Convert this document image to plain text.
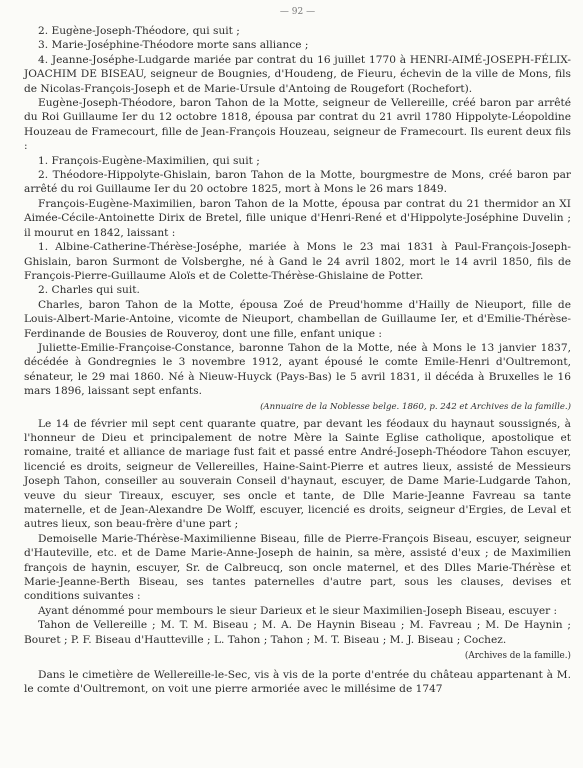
— 92 —

2. Eugène-Joseph-Théodore, qui suit ;

3. Marie-Joséphine-Théodore morte sans alliance ;

4. Jeanne-Joséphe-Ludgarde mariée par contrat du 16 juillet 1770 à HENRI-AIMÉ-JOSEPH-FÉLIX-JOACHIM DE BISEAU, seigneur de Bougnies, d'Houdeng, de Fieuru, échevin de la ville de Mons, fils de Nicolas-François-Joseph et de Marie-Ursule d'Antoing de Rougefort (Rochefort).

Eugène-Joseph-Théodore, baron Tahon de la Motte, seigneur de Vellereille, créé baron par arrêté du Roi Guillaume Ier du 12 octobre 1818, épousa par contrat du 21 avril 1780 Hippolyte-Léopoldine Houzeau de Framecourt, fille de Jean-François Houzeau, seigneur de Framecourt. Ils eurent deux fils :

1. François-Eugène-Maximilien, qui suit ;

2. Théodore-Hippolyte-Ghislain, baron Tahon de la Motte, bourgmestre de Mons, créé baron par arrêté du roi Guillaume Ier du 20 octobre 1825, mort à Mons le 26 mars 1849.

François-Eugène-Maximilien, baron Tahon de la Motte, épousa par contrat du 21 thermidor an XI Aimée-Cécile-Antoinette Dirix de Bretel, fille unique d'Henri-René et d'Hippolyte-Joséphine Duvelin ; il mourut en 1842, laissant :

1. Albine-Catherine-Thérèse-Joséphe, mariée à Mons le 23 mai 1831 à Paul-François-Joseph-Ghislain, baron Surmont de Volsberghe, né à Gand le 24 avril 1802, mort le 14 avril 1850, fils de François-Pierre-Guillaume Aloïs et de Colette-Thérèse-Ghislaine de Potter.

2. Charles qui suit.

Charles, baron Tahon de la Motte, épousa Zoé de Preud'homme d'Hailly de Nieuport, fille de Louis-Albert-Marie-Antoine, vicomte de Nieuport, chambellan de Guillaume Ier, et d'Emilie-Thérèse-Ferdinande de Bousies de Rouveroy, dont une fille, enfant unique :

Juliette-Emilie-Françoise-Constance, baronne Tahon de la Motte, née à Mons le 13 janvier 1837, décédée à Gondregnies le 3 novembre 1912, ayant épousé le comte Emile-Henri d'Oultremont, sénateur, le 29 mai 1860. Né à Nieuw-Huyck (Pays-Bas) le 5 avril 1831, il décéda à Bruxelles le 16 mars 1896, laissant sept enfants.

(Annuaire de la Noblesse belge. 1860, p. 242 et Archives de la famille.)

Le 14 de février mil sept cent quarante quatre, par devant les féodaux du haynaut soussignés, à l'honneur de Dieu et principalement de notre Mère la Sainte Eglise catholique, apostolique et romaine, traité et alliance de mariage fust fait et passé entre André-Joseph-Théodore Tahon escuyer, licencié es droits, seigneur de Vellereilles, Haine-Saint-Pierre et autres lieux, assisté de Messieurs Joseph Tahon, conseiller au souverain Conseil d'haynaut, escuyer, de Dame Marie-Ludgarde Tahon, veuve du sieur Tireaux, escuyer, ses oncle et tante, de Dlle Marie-Jeanne Favreau sa tante maternelle, et de Jean-Alexandre De Wolff, escuyer, licencié es droits, seigneur d'Ergies, de Leval et autres lieux, son beau-frère d'une part ;

Demoiselle Marie-Thérèse-Maximilienne Biseau, fille de Pierre-François Biseau, escuyer, seigneur d'Hauteville, etc. et de Dame Marie-Anne-Joseph de hainin, sa mère, assisté d'eux ; de Maximilien françois de haynin, escuyer, Sr. de Calbreucq, son oncle maternel, et des Dlles Marie-Thérèse et Marie-Jeanne-Berth Biseau, ses tantes paternelles d'autre part, sous les clauses, devises et conditions suivantes :

Ayant dénommé pour membours le sieur Darieux et le sieur Maximilien-Joseph Biseau, escuyer :

Tahon de Vellereille ; M. T. M. Biseau ; M. A. De Haynin Biseau ; M. Favreau ; M. De Haynin ; Bouret ; P. F. Biseau d'Hautteville ; L. Tahon ; Tahon ; M. T. Biseau ; M. J. Biseau ; Cochez.

(Archives de la famille.)

Dans le cimetière de Wellereille-le-Sec, vis à vis de la porte d'entrée du château appartenant à M. le comte d'Oultremont, on voit une pierre armoriée avec le millésime de 1747
